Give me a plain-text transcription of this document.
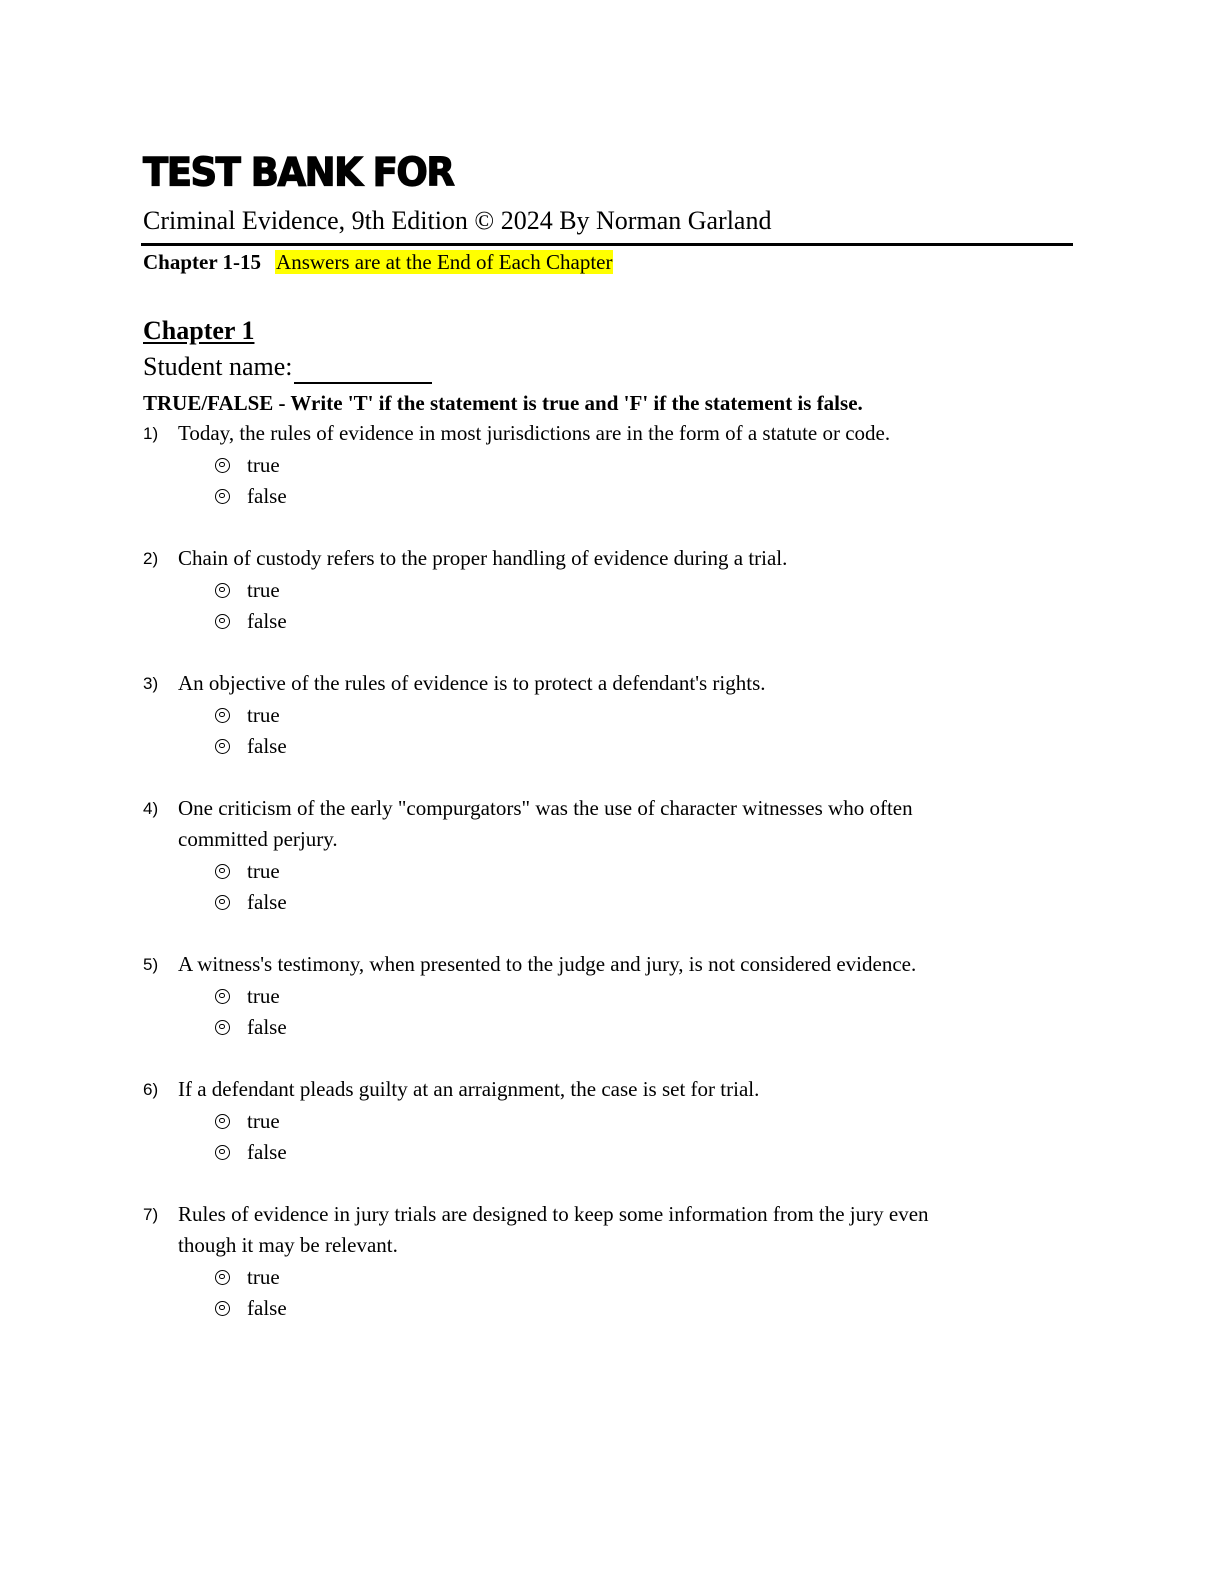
TEST BANK FOR
Criminal Evidence, 9th Edition © 2024 By Norman Garland
Chapter 1-15 Answers are at the End of Each Chapter
Chapter 1
Student name:
TRUE/FALSE - Write 'T' if the statement is true and 'F' if the statement is false.
1) Today, the rules of evidence in most jurisdictions are in the form of a statute or code.
true
false
2) Chain of custody refers to the proper handling of evidence during a trial.
true
false
3) An objective of the rules of evidence is to protect a defendant's rights.
true
false
4) One criticism of the early "compurgators" was the use of character witnesses who often
committed perjury.
true
false
5) A witness's testimony, when presented to the judge and jury, is not considered evidence.
true
false
6) If a defendant pleads guilty at an arraignment, the case is set for trial.
true
false
7) Rules of evidence in jury trials are designed to keep some information from the jury even
though it may be relevant.
true
false
